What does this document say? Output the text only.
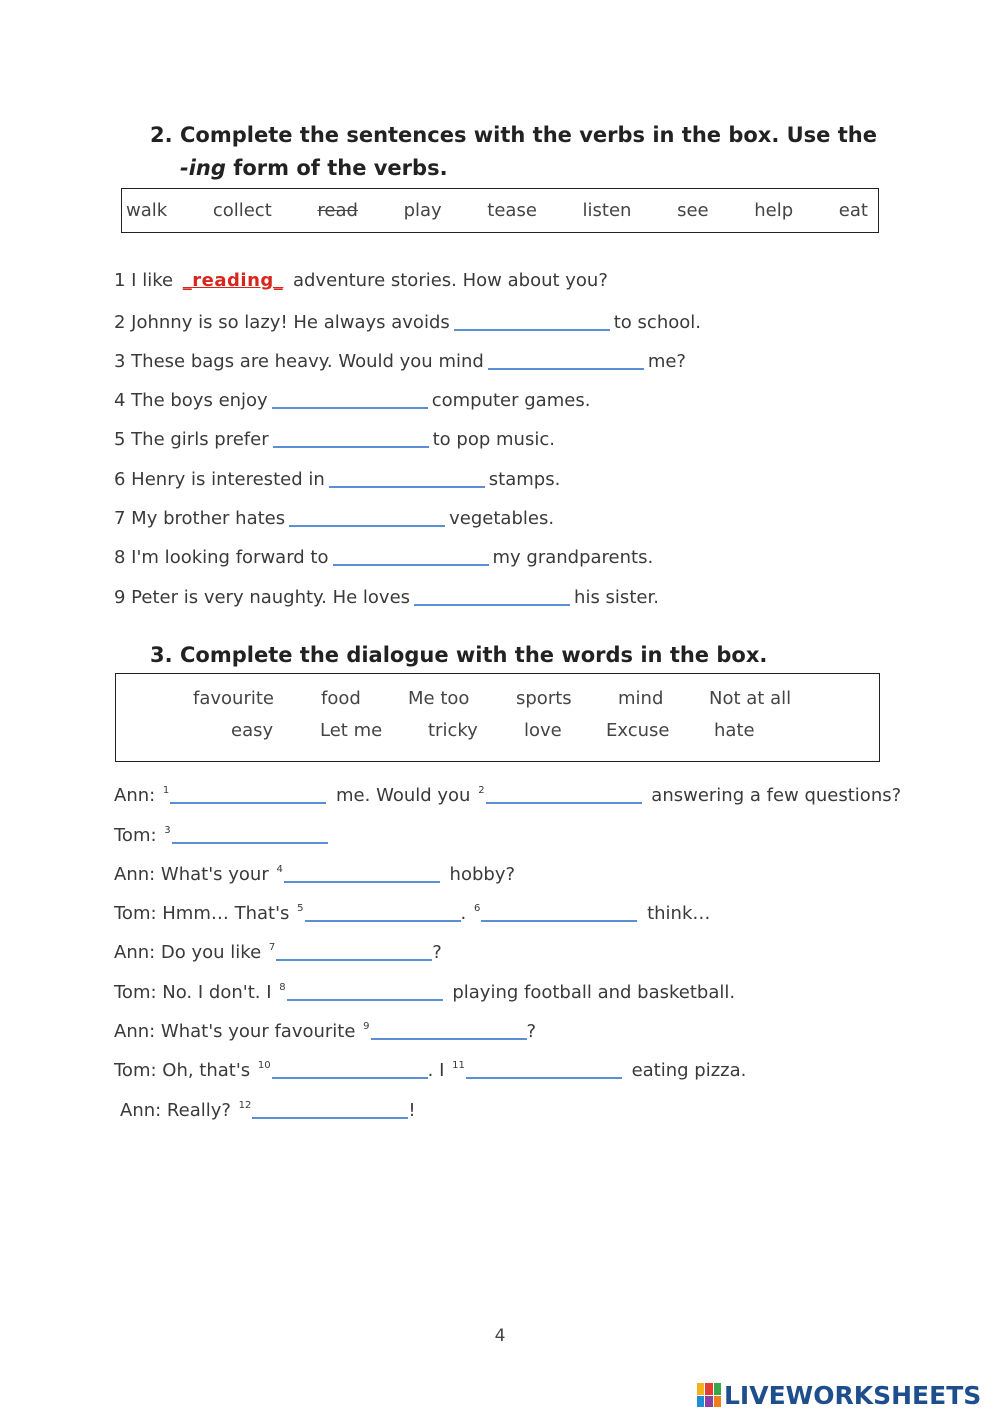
2. Complete the sentences with the verbs in the box. Use the
-ing form of the verbs.
walk	collect	read	play	tease	listen	see	help	eat
1 I like _reading_ adventure stories. How about you?
2 Johnny is so lazy! He always avoids	to school.
3 These bags are heavy. Would you mind	me?
4 The boys enjoy	computer games.
5 The girls prefer	to pop music.
6 Henry is interested in	stamps.
7 My brother hates	vegetables.
8 I'm looking forward to	my grandparents.
9 Peter is very naughty. He loves	his sister.
3. Complete the dialogue with the words in the box.
favourite	food	Me too	sports	mind	Not at all
easy	Let me	tricky	love Excuse hate
Ann: $^1$	me. Would you $^2$	answering a few questions?
Tom: $^3$
Ann: What's your $^4$	hobby?
Tom: Hmm… That's $^5$	. $^6$	think…
Ann: Do you like $^7$	?
Tom: No. I don't. I $^8$	playing football and basketball.
Ann: What's your favourite $^9$	?
Tom: Oh, that's $^{10}$	. I $^{11}$	eating pizza.
Ann: Really? $^{12}$	!
4
LIVEWORKSHEETS
